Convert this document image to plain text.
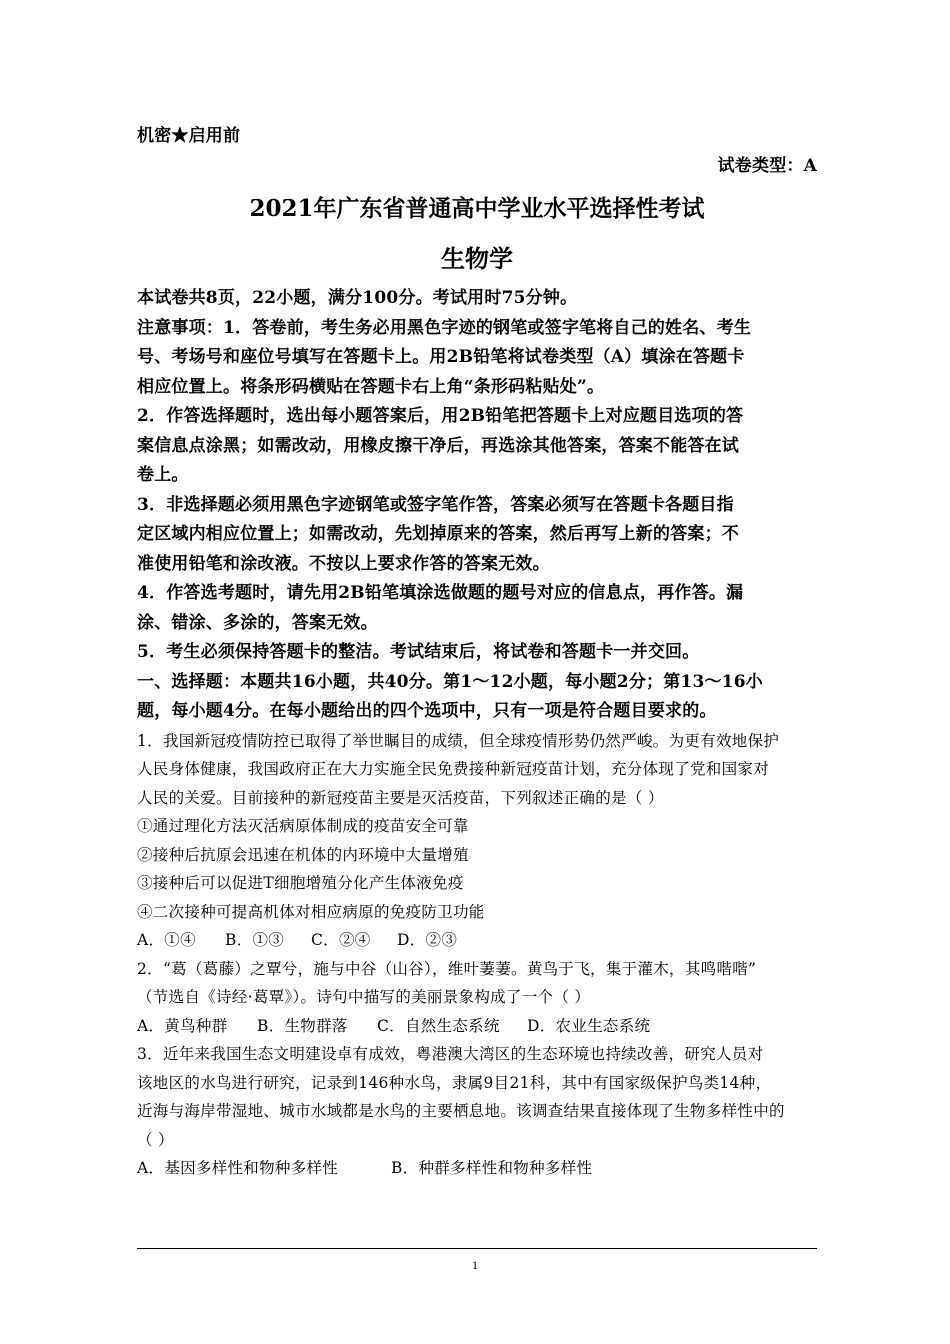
机密★启用前
试卷类型：A
2021年广东省普通高中学业水平选择性考试
生物学
本试卷共8页，22小题，满分100分。考试用时75分钟。
注意事项：1．答卷前，考生务必用黑色字迹的钢笔或签字笔将自己的姓名、考生
号、考场号和座位号填写在答题卡上。用2B铅笔将试卷类型（A）填涂在答题卡
相应位置上。将条形码横贴在答题卡右上角“条形码粘贴处”。
2．作答选择题时，选出每小题答案后，用2B铅笔把答题卡上对应题目选项的答
案信息点涂黑；如需改动，用橡皮擦干净后，再选涂其他答案，答案不能答在试
卷上。
3．非选择题必须用黑色字迹钢笔或签字笔作答，答案必须写在答题卡各题目指
定区域内相应位置上；如需改动，先划掉原来的答案，然后再写上新的答案；不
准使用铅笔和涂改液。不按以上要求作答的答案无效。
4．作答选考题时，请先用2B铅笔填涂选做题的题号对应的信息点，再作答。漏
涂、错涂、多涂的，答案无效。
5．考生必须保持答题卡的整洁。考试结束后，将试卷和答题卡一并交回。
一、选择题：本题共16小题，共40分。第1～12小题，每小题2分；第13～16小
题，每小题4分。在每小题给出的四个选项中，只有一项是符合题目要求的。
1．我国新冠疫情防控已取得了举世瞩目的成绩，但全球疫情形势仍然严峻。为更有效地保护
人民身体健康，我国政府正在大力实施全民免费接种新冠疫苗计划，充分体现了党和国家对
人民的关爱。目前接种的新冠疫苗主要是灭活疫苗，下列叙述正确的是（ ）
①通过理化方法灭活病原体制成的疫苗安全可靠
②接种后抗原会迅速在机体的内环境中大量增殖
③接种后可以促进T细胞增殖分化产生体液免疫
④二次接种可提高机体对相应病原的免疫防卫功能
A．①④ B．①③ C．②④ D．②③
2．“葛（葛藤）之覃兮，施与中谷（山谷），维叶萋萋。黄鸟于飞，集于灌木，其鸣喈喈”
（节选自《诗经·葛覃》）。诗句中描写的美丽景象构成了一个（ ）
A．黄鸟种群 B．生物群落 C．自然生态系统 D．农业生态系统
3．近年来我国生态文明建设卓有成效，粤港澳大湾区的生态环境也持续改善，研究人员对
该地区的水鸟进行研究，记录到146种水鸟，隶属9目21科，其中有国家级保护鸟类14种，
近海与海岸带湿地、城市水域都是水鸟的主要栖息地。该调查结果直接体现了生物多样性中的
（ ）
A．基因多样性和物种多样性	B．种群多样性和物种多样性
1
